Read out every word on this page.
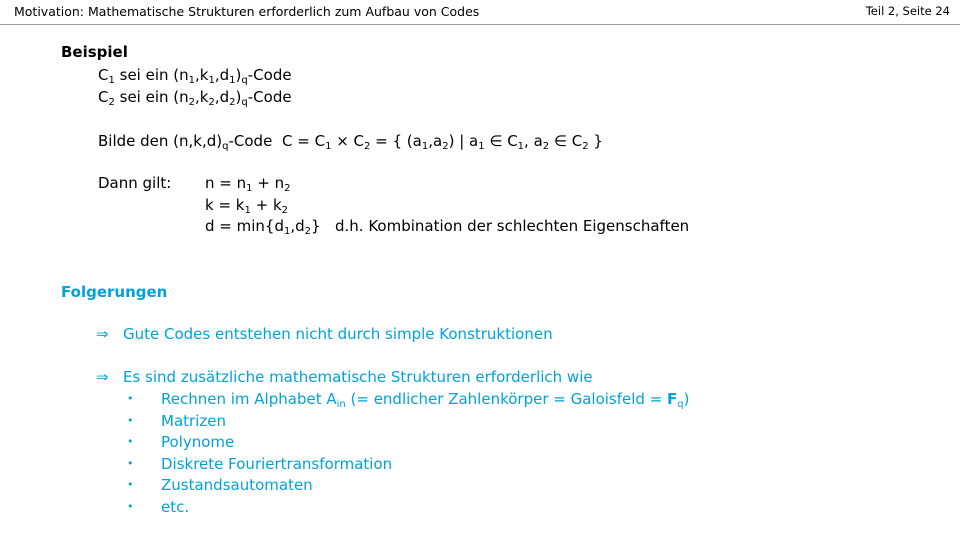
Motivation: Mathematische Strukturen erforderlich zum Aufbau von Codes	Teil 2, Seite 24
Beispiel
$C_1$ sei ein $(n_1,k_1,d_1)_q$-Code
$C_2$ sei ein $(n_2,k_2,d_2)_q$-Code
Bilde den $(n,k,d)_q$-Code $C = C_1 \times C_2$ = { $(a_1,a_2)$ | $a_1$ ∈ $C_1$, $a_2$ ∈ $C_2$ }
Dann gilt: $n = n_1 + n_2$
$k = k_1 + k_2$
$d = \min\{d_1,d_2\}$ d.h. Kombination der schlechten Eigenschaften
Folgerungen
⇒ Gute Codes entstehen nicht durch simple Konstruktionen
⇒ Es sind zusätzliche mathematische Strukturen erforderlich wie
• Rechnen im Alphabet $A_{in}$ (= endlicher Zahlenkörper = Galoisfeld = $F_q$)
• Matrizen
• Polynome
• Diskrete Fouriertransformation
• Zustandsautomaten
• etc.
